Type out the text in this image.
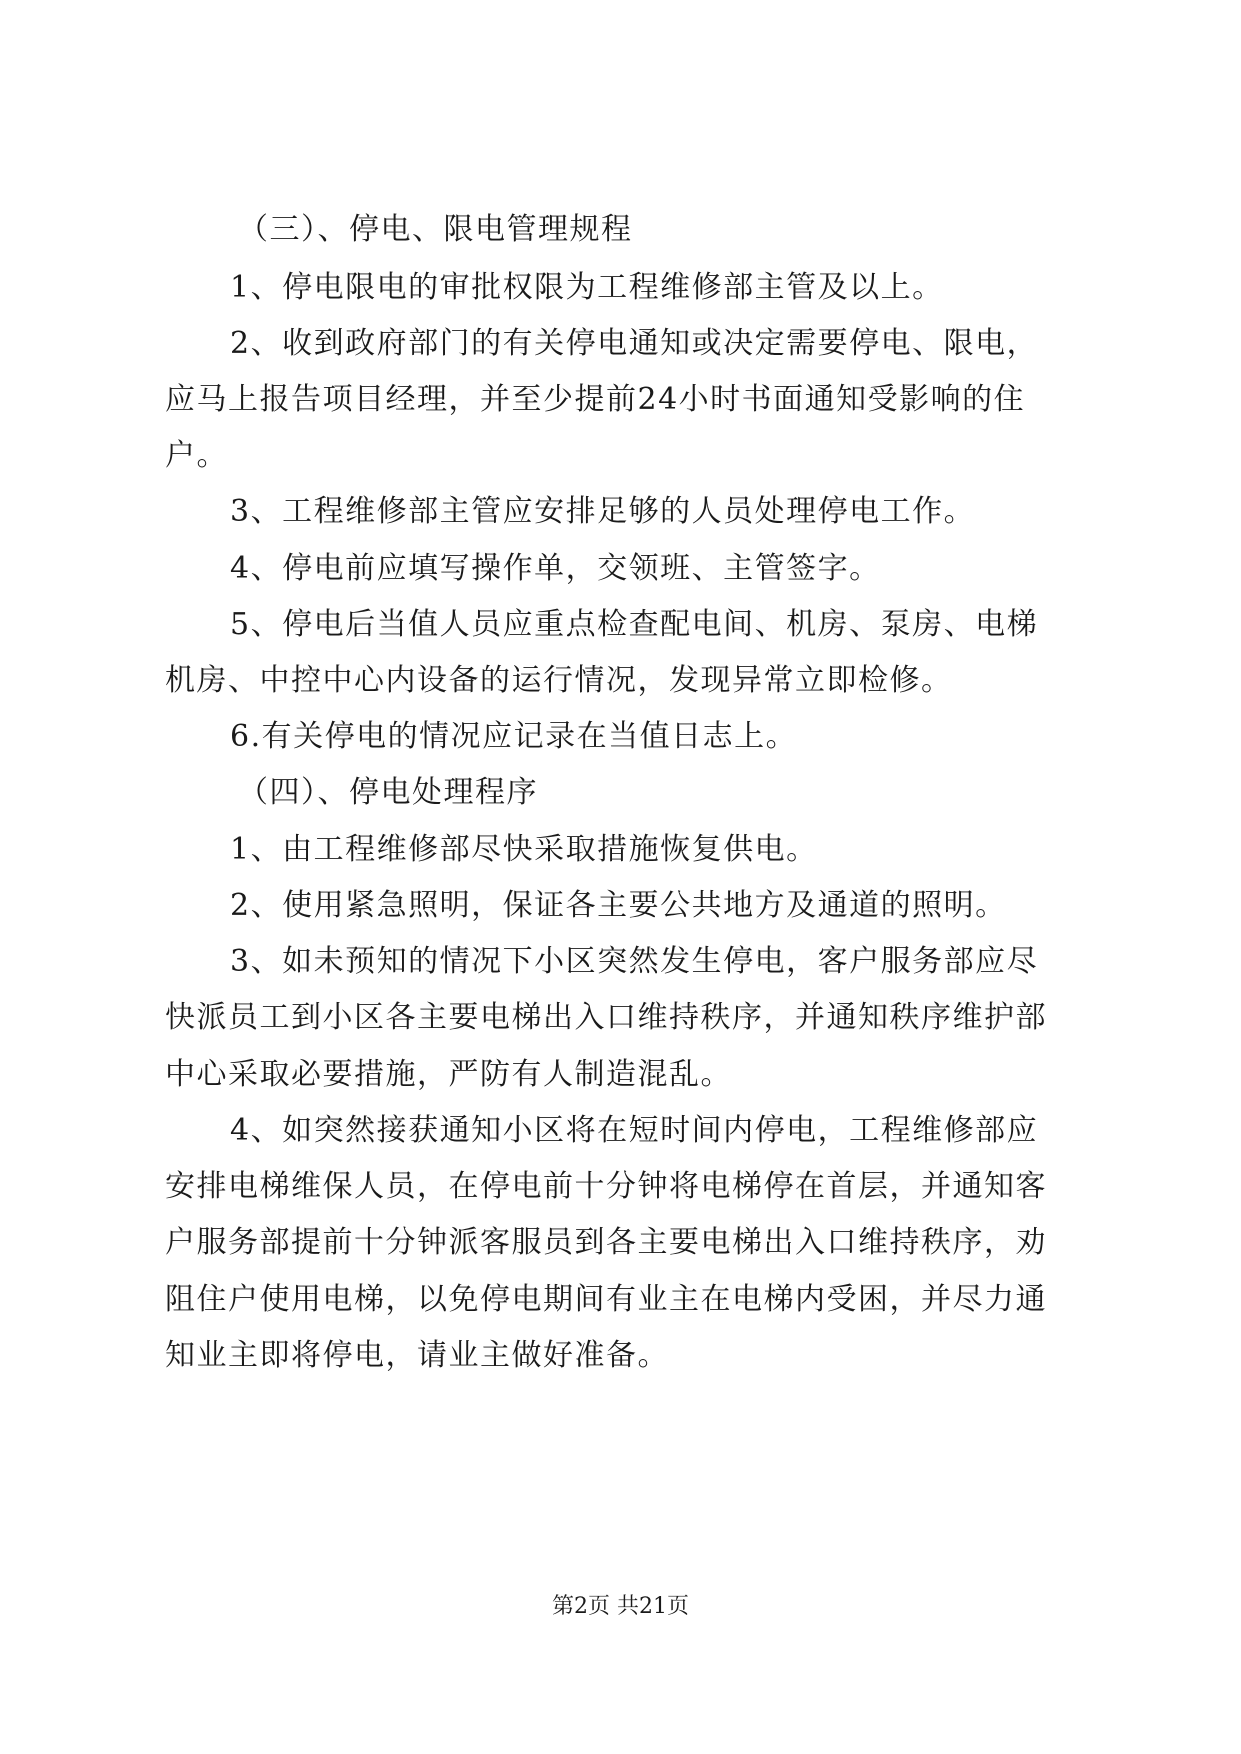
（三）、停电、限电管理规程

1、停电限电的审批权限为工程维修部主管及以上。

2、收到政府部门的有关停电通知或决定需要停电、限电，

应马上报告项目经理，并至少提前24小时书面通知受影响的住

户。

3、工程维修部主管应安排足够的人员处理停电工作。

4、停电前应填写操作单，交领班、主管签字。

5、停电后当值人员应重点检查配电间、机房、泵房、电梯

机房、中控中心内设备的运行情况，发现异常立即检修。

6.有关停电的情况应记录在当值日志上。

（四）、停电处理程序

1、由工程维修部尽快采取措施恢复供电。

2、使用紧急照明，保证各主要公共地方及通道的照明。

3、如未预知的情况下小区突然发生停电，客户服务部应尽

快派员工到小区各主要电梯出入口维持秩序，并通知秩序维护部

中心采取必要措施，严防有人制造混乱。

4、如突然接获通知小区将在短时间内停电，工程维修部应

安排电梯维保人员，在停电前十分钟将电梯停在首层，并通知客

户服务部提前十分钟派客服员到各主要电梯出入口维持秩序，劝

阻住户使用电梯，以免停电期间有业主在电梯内受困，并尽力通

知业主即将停电，请业主做好准备。

第2页 共21页
